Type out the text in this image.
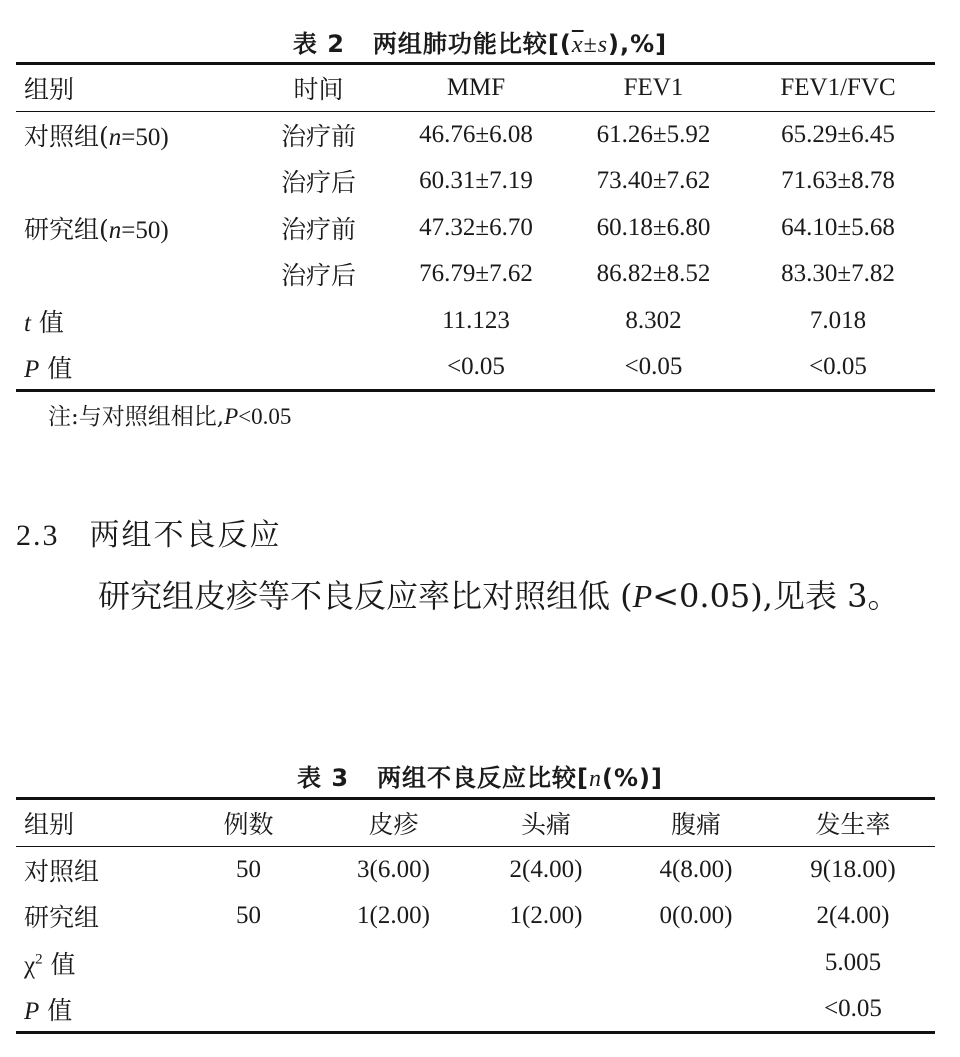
表 2 两组肺功能比较$[(\overline{x}\pm s),\%]$
组别	时间	MMF	FEV1	FEV1/FVC
对照组(n=50)	治疗前	46.76±6.08	61.26±5.92	65.29±6.45
	治疗后	60.31±7.19	73.40±7.62	71.63±8.78
研究组(n=50)	治疗前	47.32±6.70	60.18±6.80	64.10±5.68
	治疗后	76.79±7.62	86.82±8.52	83.30±7.82
t 值		11.123	8.302	7.018
P 值		<0.05	<0.05	<0.05
注:与对照组相比,P<0.05
2.3 两组不良反应
研究组皮疹等不良反应率比对照组低 (P<0.05),见表 3。
表 3 两组不良反应比较[n(%)]
组别	例数	皮疹	头痛	腹痛	发生率
对照组	50	3(6.00)	2(4.00)	4(8.00)	9(18.00)
研究组	50	1(2.00)	1(2.00)	0(0.00)	2(4.00)
$\chi^2$ 值					5.005
P 值					<0.05
